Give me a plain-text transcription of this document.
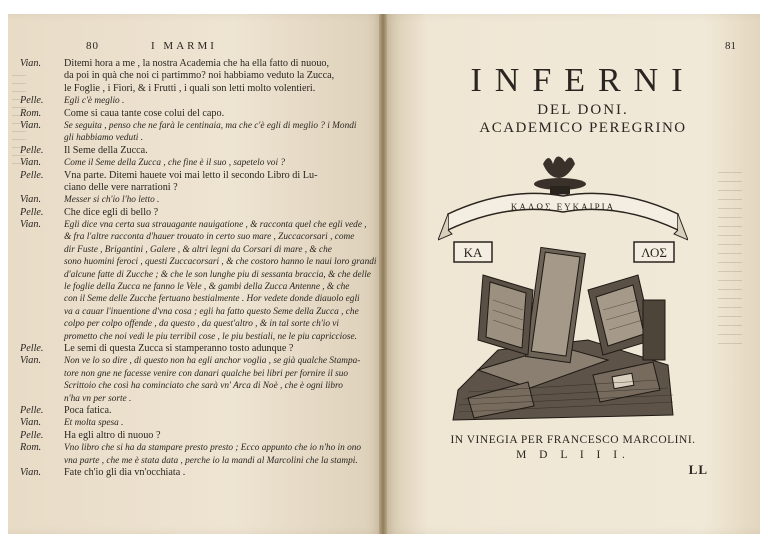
80	I MARMI
Vian.	Ditemi hora a me , la nostra Academia che ha ella fatto di nuouo,
da poi in quà che noi ci partimmo? noi habbiamo veduto la Zucca,
le Foglie , i Fiori, & i Frutti , i quali son letti molto volentieri.
Pelle.	Egli c'è meglio .
Rom.	Come si caua tante cose colui del capo.
Vian.	Se seguita , penso che ne farà le centinaia, ma che c'è egli di meglio ? i Mondi
gli habbiamo veduti .
Pelle.	Il Seme della Zucca.
Vian.	Come il Seme della Zucca , che fine è il suo , sapetelo voi ?
Pelle.	Vna parte. Ditemi hauete voi mai letto il secondo Libro di Lu-
ciano delle vere narrationi ?
Vian.	Messer si ch'io l'ho letto .
Pelle.	Che dice egli di bello ?
Vian.	Egli dice vna certa sua strauagante nauigatione , & racconta quel che egli vede ,
& fra l'altre racconta d'hauer trouato in certo suo mare , Zuccacorsari , come
dir Fuste , Brigantini , Galere , & altri legni da Corsari di mare , & che
sono huomini feroci , questi Zuccacorsari , & che costoro hanno le naui loro grandi
d'alcune fatte di Zucche ; & che le son lunghe piu di sessanta braccia, & che delle
le foglie della Zucca ne fanno le Vele , & gambi della Zucca Antenne , & che
con il Seme delle Zucche fertuano bestialmente . Hor vedete donde diauolo egli
va a cauar l'inuentione d'vna cosa ; egli ha fatto questo Seme della Zucca , che
colpo per colpo offende , da questo , da quest'altro , & in tal sorte ch'io vi
prometto che noi vedi le piu terribil cose , le piu bestiali, ne le piu capricciose.
Pelle.	Le semi di questa Zucca si stamperanno tosto adunque ?
Vian.	Non ve lo so dire , di questo non ha egli anchor voglia , se già qualche Stampa-
tore non gne ne facesse venire con danari qualche bei libri per fornire il suo
Scrittoio che così ha cominciato che sarà vn' Arca di Noè , che è ogni libro
n'ha vn per sorte .
Pelle.	Poca fatica.
Vian.	Et molta spesa .
Pelle.	Ha egli altro di nuouo ?
Rom.	Vno libro che si ha da stampare presto presto ; Ecco appunto che io n'ho in ono
vna parte , che me è stata data , perche io la mandi al Marcolini che la stampi.
Vian.	Fate ch'io gli dia vn'occhiata .
81
INFERNI
DEL DONI.
ACADEMICO PEREGRINO
ΚΑΛΩΣ ΕΥΚΑΙΡΙΑ
ΚΑ	ΛΟΣ
IN VINEGIA PER FRANCESCO MARCOLINI.
M D L I I I.
LL
